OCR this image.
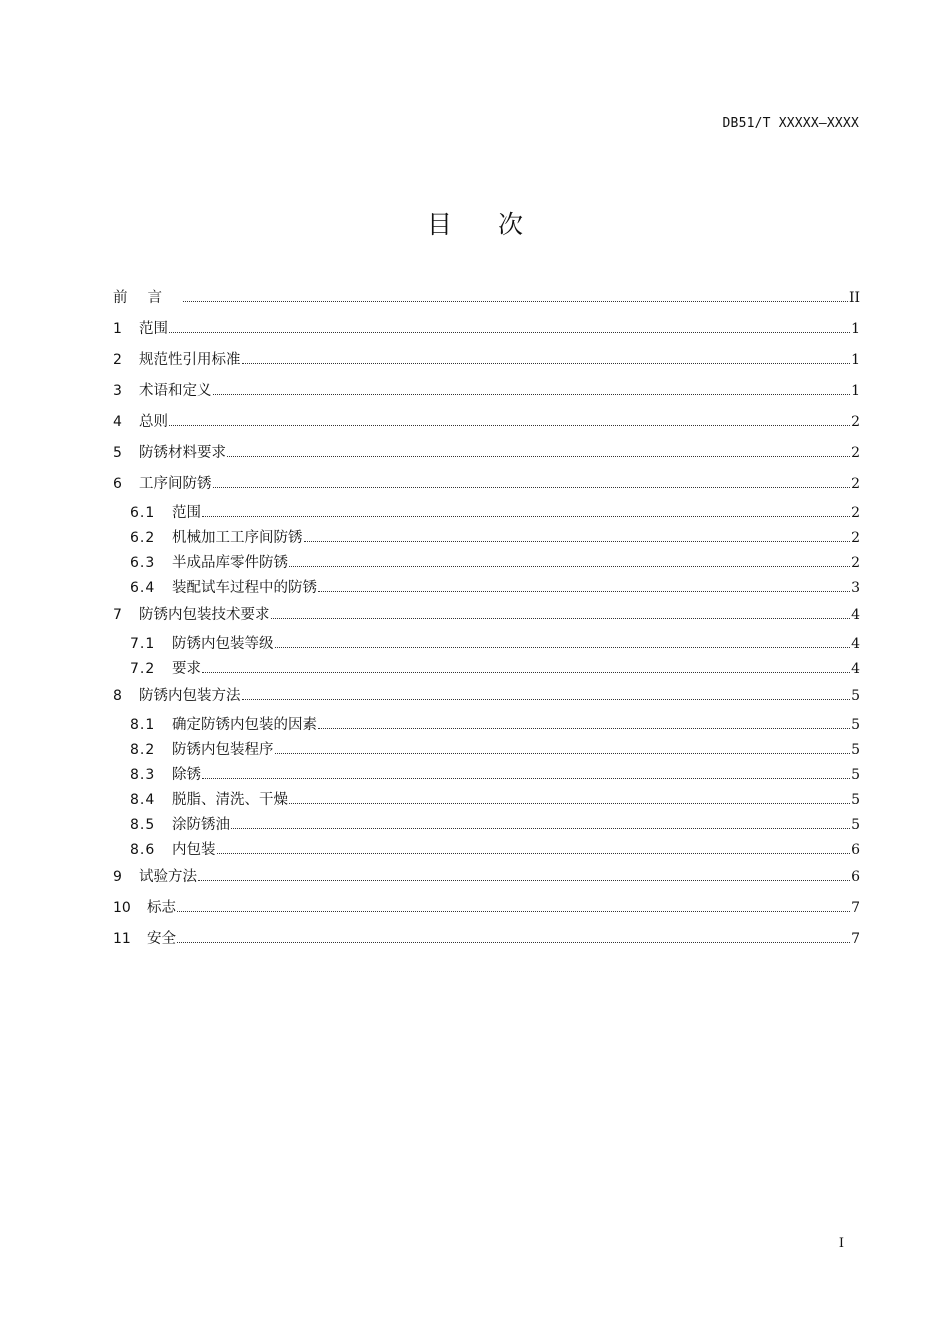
DB51/T XXXXX—XXXX
目次
前言	II
1	范围	1
2	规范性引用标准	1
3	术语和定义	1
4	总则	2
5	防锈材料要求	2
6	工序间防锈	2
6.1	范围	2
6.2	机械加工工序间防锈	2
6.3	半成品库零件防锈	2
6.4	装配试车过程中的防锈	3
7	防锈内包装技术要求	4
7.1	防锈内包装等级	4
7.2	要求	4
8	防锈内包装方法	5
8.1	确定防锈内包装的因素	5
8.2	防锈内包装程序	5
8.3	除锈	5
8.4	脱脂、清洗、干燥	5
8.5	涂防锈油	5
8.6	内包装	6
9	试验方法	6
10	标志	7
11	安全	7
I
